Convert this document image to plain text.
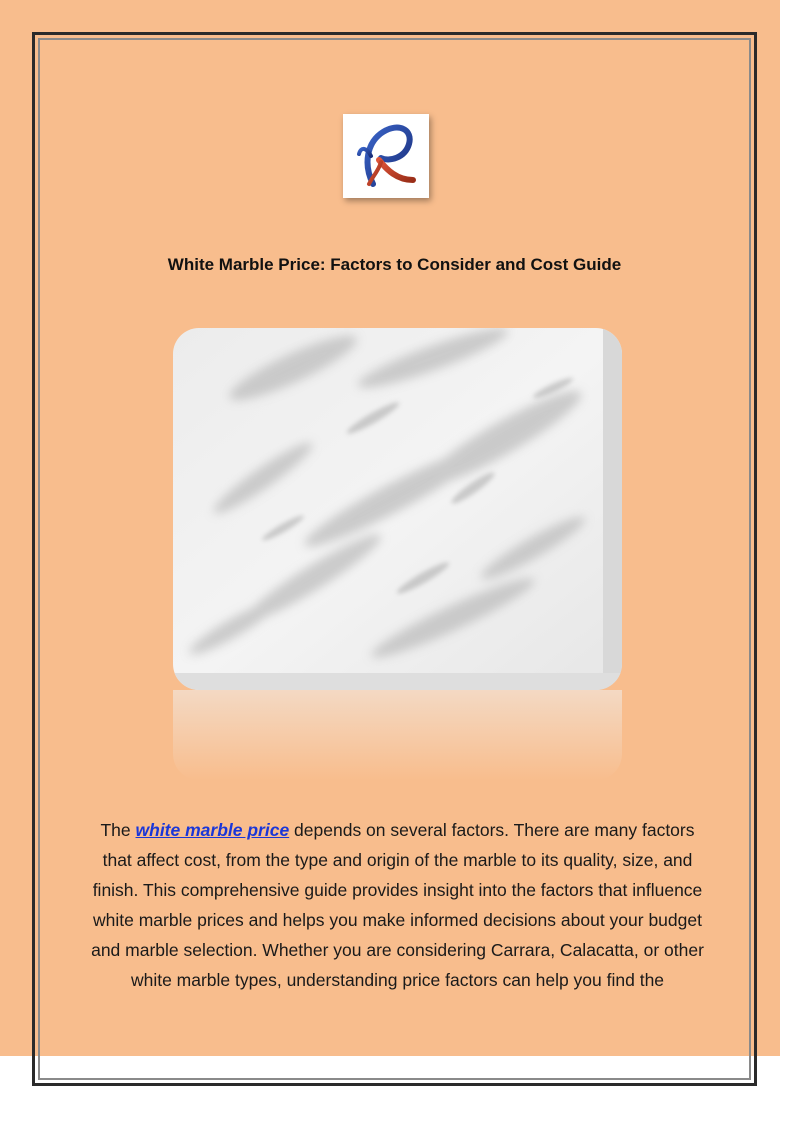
White Marble Price: Factors to Consider and Cost Guide

The white marble price depends on several factors. There are many factors that affect cost, from the type and origin of the marble to its quality, size, and finish. This comprehensive guide provides insight into the factors that influence white marble prices and helps you make informed decisions about your budget and marble selection. Whether you are considering Carrara, Calacatta, or other white marble types, understanding price factors can help you find the
